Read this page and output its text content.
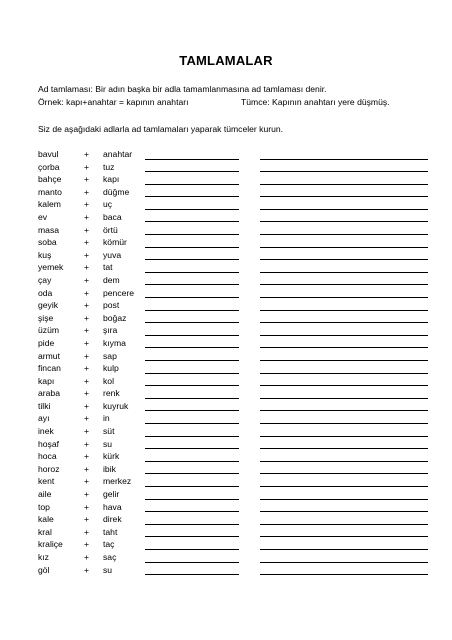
TAMLAMALAR
Ad tamlaması: Bir adın başka bir adla tamamlanmasına ad tamlaması denir.
Örnek: kapı+anahtar = kapının anahtarı	Tümce: Kapının anahtarı yere düşmüş.
Siz de aşağıdaki adlarla ad tamlamaları yaparak tümceler kurun.
bavul	+ anahtar
çorba	+ tuz
bahçe	+ kapı
manto	+ düğme
kalem	+ uç
ev	+ baca
masa	+ örtü
soba	+ kömür
kuş	+ yuva
yemek + tat
çay	+ dem
oda	+ pencere
geyik	+ post
şişe	+ boğaz
üzüm	+ şıra
pide	+ kıyma
armut	+ sap
fincan	+ kulp
kapı	+ kol
araba	+ renk
tilki	+ kuyruk
ayı	+ in
inek	+ süt
hoşaf	+ su
hoca	+ kürk
horoz	+ ibik
kent	+ merkez
aile	+ gelir
top	+ hava
kale	+ direk
kral	+ taht
kraliçe + taç
kız	+ saç
göl	+ su
